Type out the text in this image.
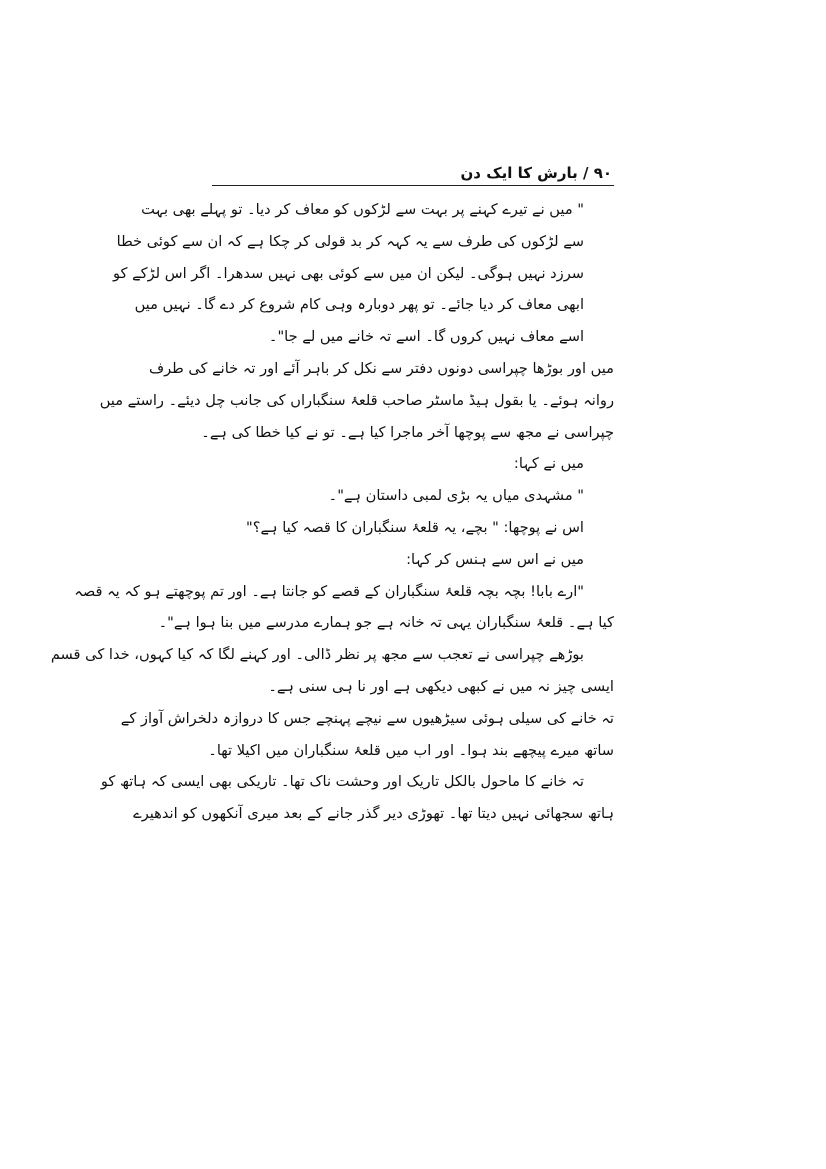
۹۰ / بارش کا ایک دن
" میں نے تیرے کہنے پر بہت سے لڑکوں کو معاف کر دیا۔ تو پہلے بھی بہت
سے لڑکوں کی طرف سے یہ کہہ کر بد قولی کر چکا ہے کہ ان سے کوئی خطا
سرزد نہیں ہوگی۔ لیکن ان میں سے کوئی بھی نہیں سدھرا۔ اگر اس لڑکے کو
ابھی معاف کر دیا جائے۔ تو پھر دوبارہ وہی کام شروع کر دے گا۔ نہیں میں
اسے معاف نہیں کروں گا۔ اسے تہ خانے میں لے جا"۔
میں اور بوڑھا چپراسی دونوں دفتر سے نکل کر باہر آئے اور تہ خانے کی طرف
روانہ ہوئے۔ یا بقول ہیڈ ماسٹر صاحب قلعۂ سنگباراں کی جانب چل دیئے۔ راستے میں
چپراسی نے مجھ سے پوچھا آخر ماجرا کیا ہے۔ تو نے کیا خطا کی ہے۔
میں نے کہا:
" مشہدی میاں یہ بڑی لمبی داستان ہے"۔
اس نے پوچھا: " بچے، یہ قلعۂ سنگباران کا قصہ کیا ہے؟"
میں نے اس سے ہنس کر کہا:
"ارے بابا! بچہ بچہ قلعۂ سنگباران کے قصے کو جانتا ہے۔ اور تم پوچھتے ہو کہ یہ قصہ
کیا ہے۔ قلعۂ سنگباران یہی تہ خانہ ہے جو ہمارے مدرسے میں بنا ہوا ہے"۔
بوڑھے چپراسی نے تعجب سے مجھ پر نظر ڈالی۔ اور کہنے لگا کہ کیا کہوں، خدا کی قسم
ایسی چیز نہ میں نے کبھی دیکھی ہے اور نا ہی سنی ہے۔
تہ خانے کی سیلی ہوئی سیڑھیوں سے نیچے پہنچے جس کا دروازہ دلخراش آواز کے
ساتھ میرے پیچھے بند ہوا۔ اور اب میں قلعۂ سنگباران میں اکیلا تھا۔
تہ خانے کا ماحول بالکل تاریک اور وحشت ناک تھا۔ تاریکی بھی ایسی کہ ہاتھ کو
ہاتھ سجھائی نہیں دیتا تھا۔ تھوڑی دیر گذر جانے کے بعد میری آنکھوں کو اندھیرے
